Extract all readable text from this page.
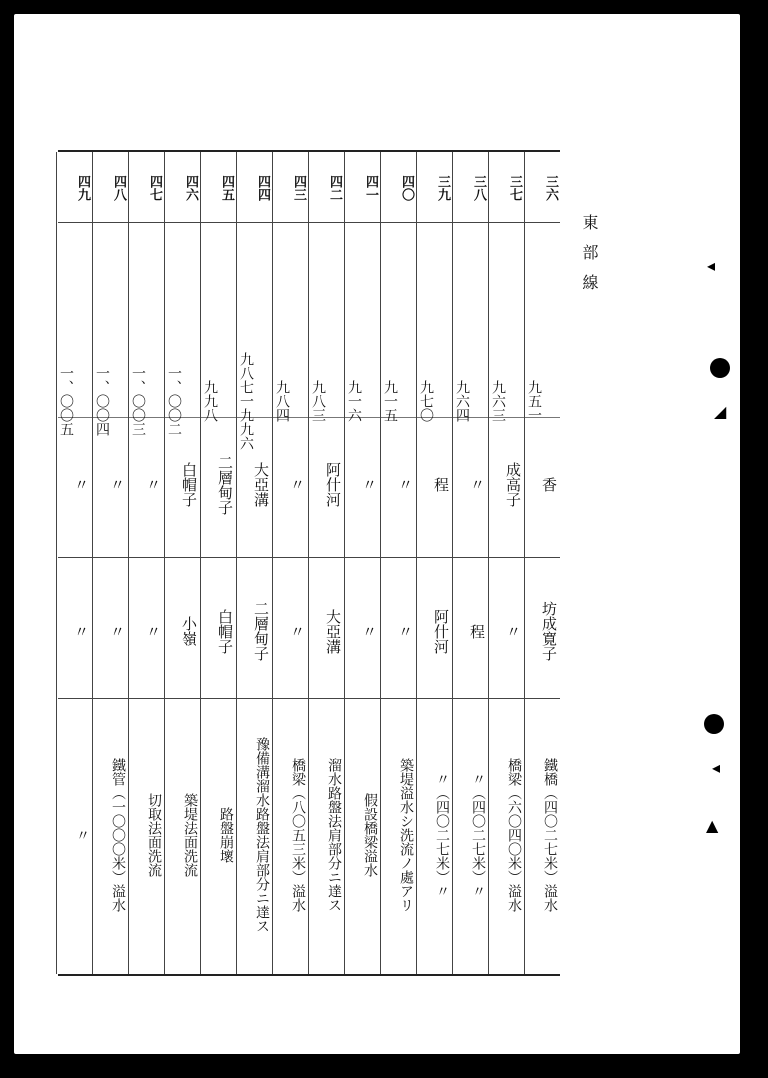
東部線
三六
九五一
香
坊成寛子
鐵橋（四〇二七米）溢水
三七
九六三
成高子
〃
橋梁（六〇四〇米）溢水
三八
九六四
〃
程
〃（四〇二七米）〃
三九
九七〇
程
阿什河
〃（四〇二七米）〃
四〇
九一五
〃
〃
築堤溢水シ洗流ノ處アリ
四一
九一六
〃
〃
假設橋梁溢水
四二
九八三
阿什河
大亞溝
溜水路盤法肩部分ニ達ス
四三
九八四
〃
〃
橋梁（八〇五三米）溢水
四四
九八七一九九六
大亞溝
二層甸子
豫備溝溜水路盤法肩部分ニ達ス
四五
九九八
二層甸子
白帽子
路盤崩壞
四六
一、〇〇二
白帽子
小嶺
築堤法面洗流
四七
一、〇〇三
〃
〃
切取法面洗流
四八
一、〇〇四
〃
〃
鐵管（一〇〇〇米）溢水
四九
一、〇〇五
〃
〃
〃
◂
◢
◂
▲
